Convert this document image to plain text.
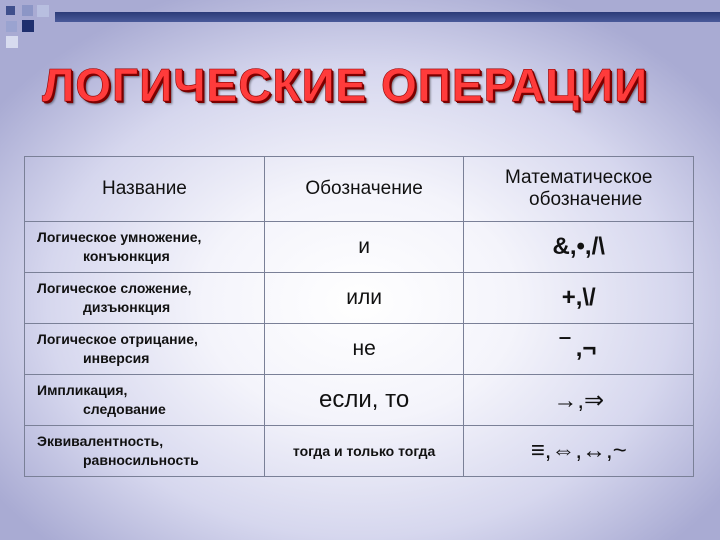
ЛОГИЧЕСКИЕ ОПЕРАЦИИ
Название	Обозначение	Математическое
обозначение

Логическое умножение,
конъюнкция	и	&,•,/\

Логическое сложение,
дизъюнкция	или	+,\/

Логическое отрицание,
инверсия	не	‾ ,¬

Импликация,
следование	если, то	→,⇒

Эквивалентность,
равносильность	тогда и только тогда	≡,⇔,↔,~
